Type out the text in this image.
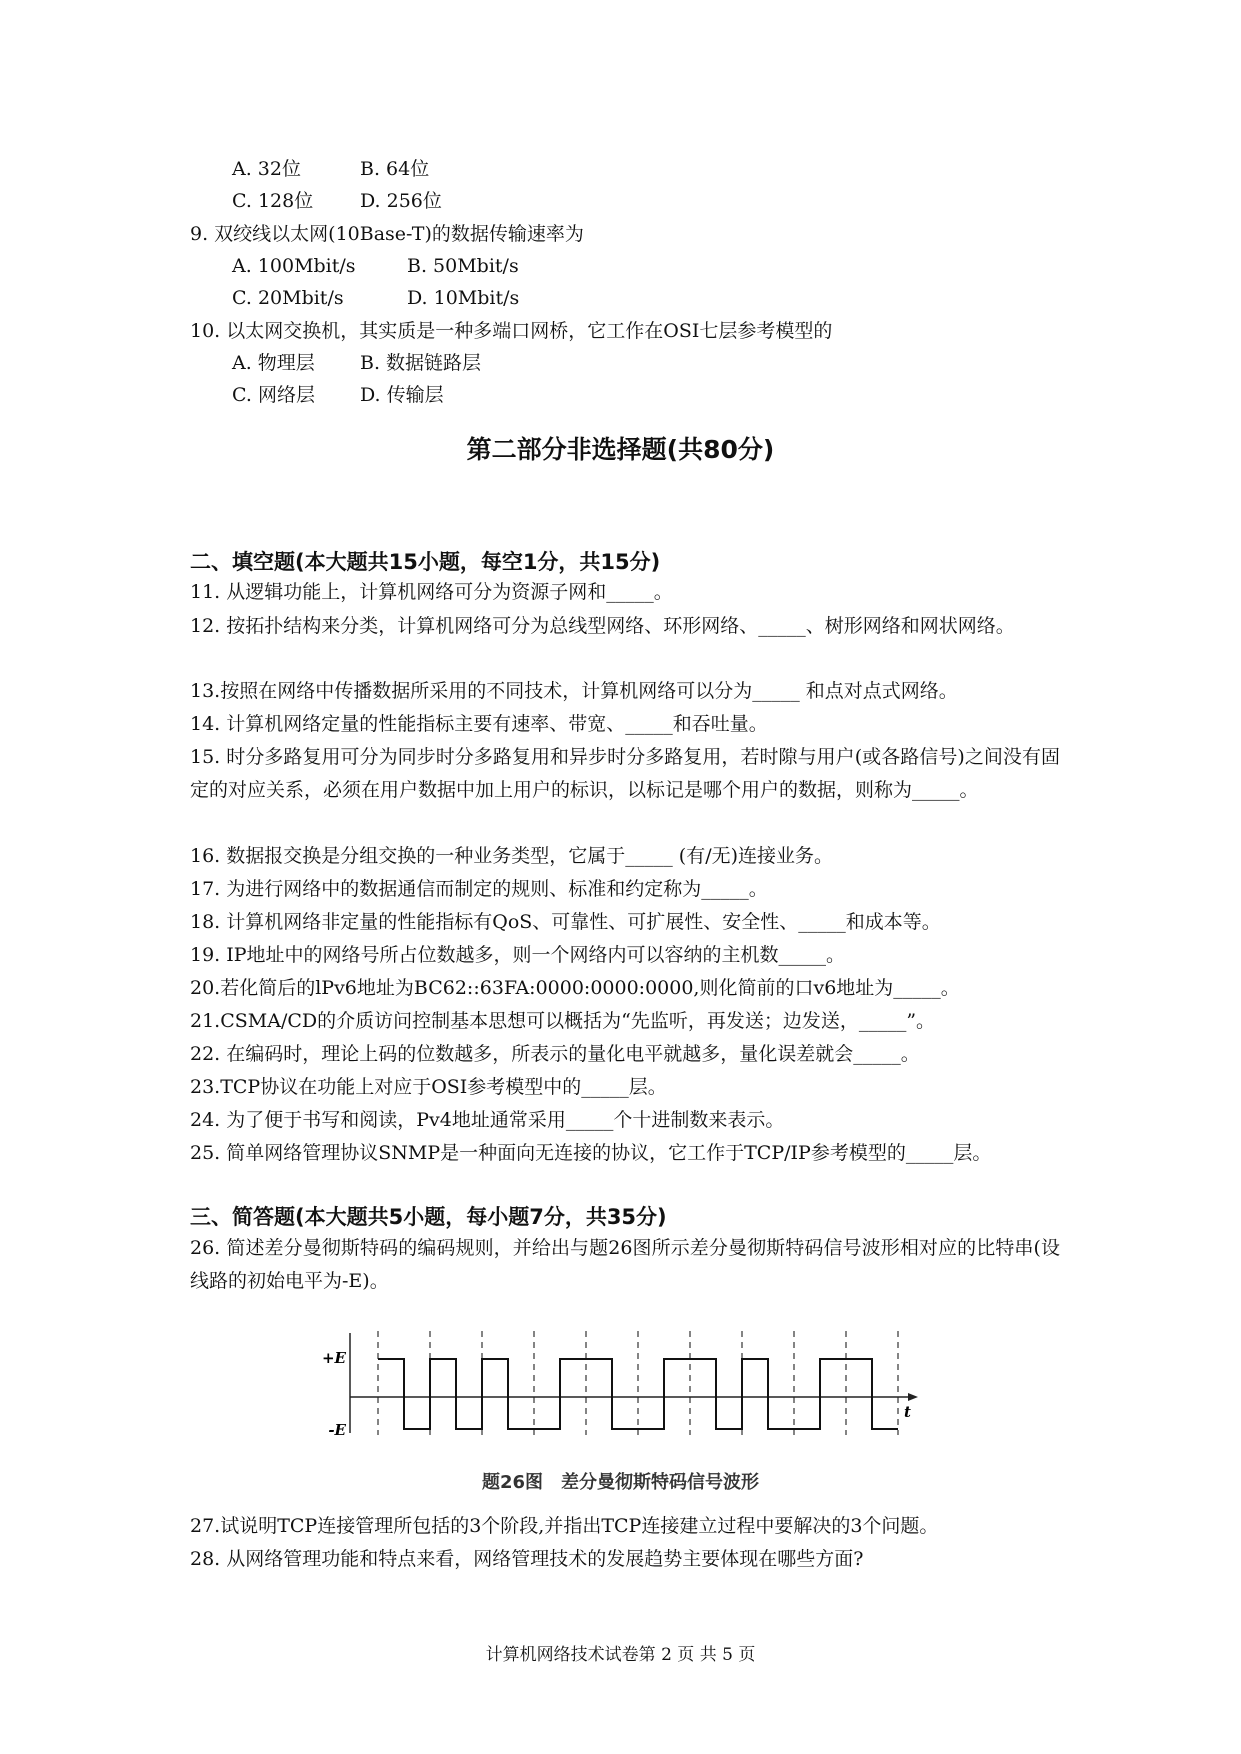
A. 32位	B. 64位
C. 128位 D. 256位
9. 双绞线以太网(10Base-T)的数据传输速率为
A. 100Mbit/s	B. 50Mbit/s
C. 20Mbit/s	D. 10Mbit/s
10. 以太网交换机，其实质是一种多端口网桥，它工作在OSI七层参考模型的
A. 物理层 B. 数据链路层
C. 网络层 D. 传输层
第二部分非选择题(共80分)
二、填空题(本大题共15小题，每空1分，共15分)
11. 从逻辑功能上，计算机网络可分为资源子网和_____。
12. 按拓扑结构来分类，计算机网络可分为总线型网络、环形网络、_____、树形网络和网状网络。
13.按照在网络中传播数据所采用的不同技术，计算机网络可以分为_____ 和点对点式网络。
14. 计算机网络定量的性能指标主要有速率、带宽、_____和吞吐量。
15. 时分多路复用可分为同步时分多路复用和异步时分多路复用，若时隙与用户(或各路信号)之间没有固定的对应关系，必须在用户数据中加上用户的标识，以标记是哪个用户的数据，则称为_____。
16. 数据报交换是分组交换的一种业务类型，它属于_____ (有/无)连接业务。
17. 为进行网络中的数据通信而制定的规则、标准和约定称为_____。
18. 计算机网络非定量的性能指标有QoS、可靠性、可扩展性、安全性、_____和成本等。
19. IP地址中的网络号所占位数越多，则一个网络内可以容纳的主机数_____。
20.若化简后的lPv6地址为BC62::63FA:0000:0000:0000,则化简前的口v6地址为_____。
21.CSMA/CD的介质访问控制基本思想可以概括为“先监听，再发送；边发送，_____”。
22. 在编码时，理论上码的位数越多，所表示的量化电平就越多，量化误差就会_____。
23.TCP协议在功能上对应于OSI参考模型中的_____层。
24. 为了便于书写和阅读，Pv4地址通常采用_____个十进制数来表示。
25. 简单网络管理协议SNMP是一种面向无连接的协议，它工作于TCP/IP参考模型的_____层。
三、简答题(本大题共5小题，每小题7分，共35分)
26. 简述差分曼彻斯特码的编码规则，并给出与题26图所示差分曼彻斯特码信号波形相对应的比特串(设线路的初始电平为-E)。
+E
-E
t
题26图　差分曼彻斯特码信号波形
27.试说明TCP连接管理所包括的3个阶段,并指出TCP连接建立过程中要解决的3个问题。
28. 从网络管理功能和特点来看，网络管理技术的发展趋势主要体现在哪些方面?
计算机网络技术试卷第 2 页 共 5 页
